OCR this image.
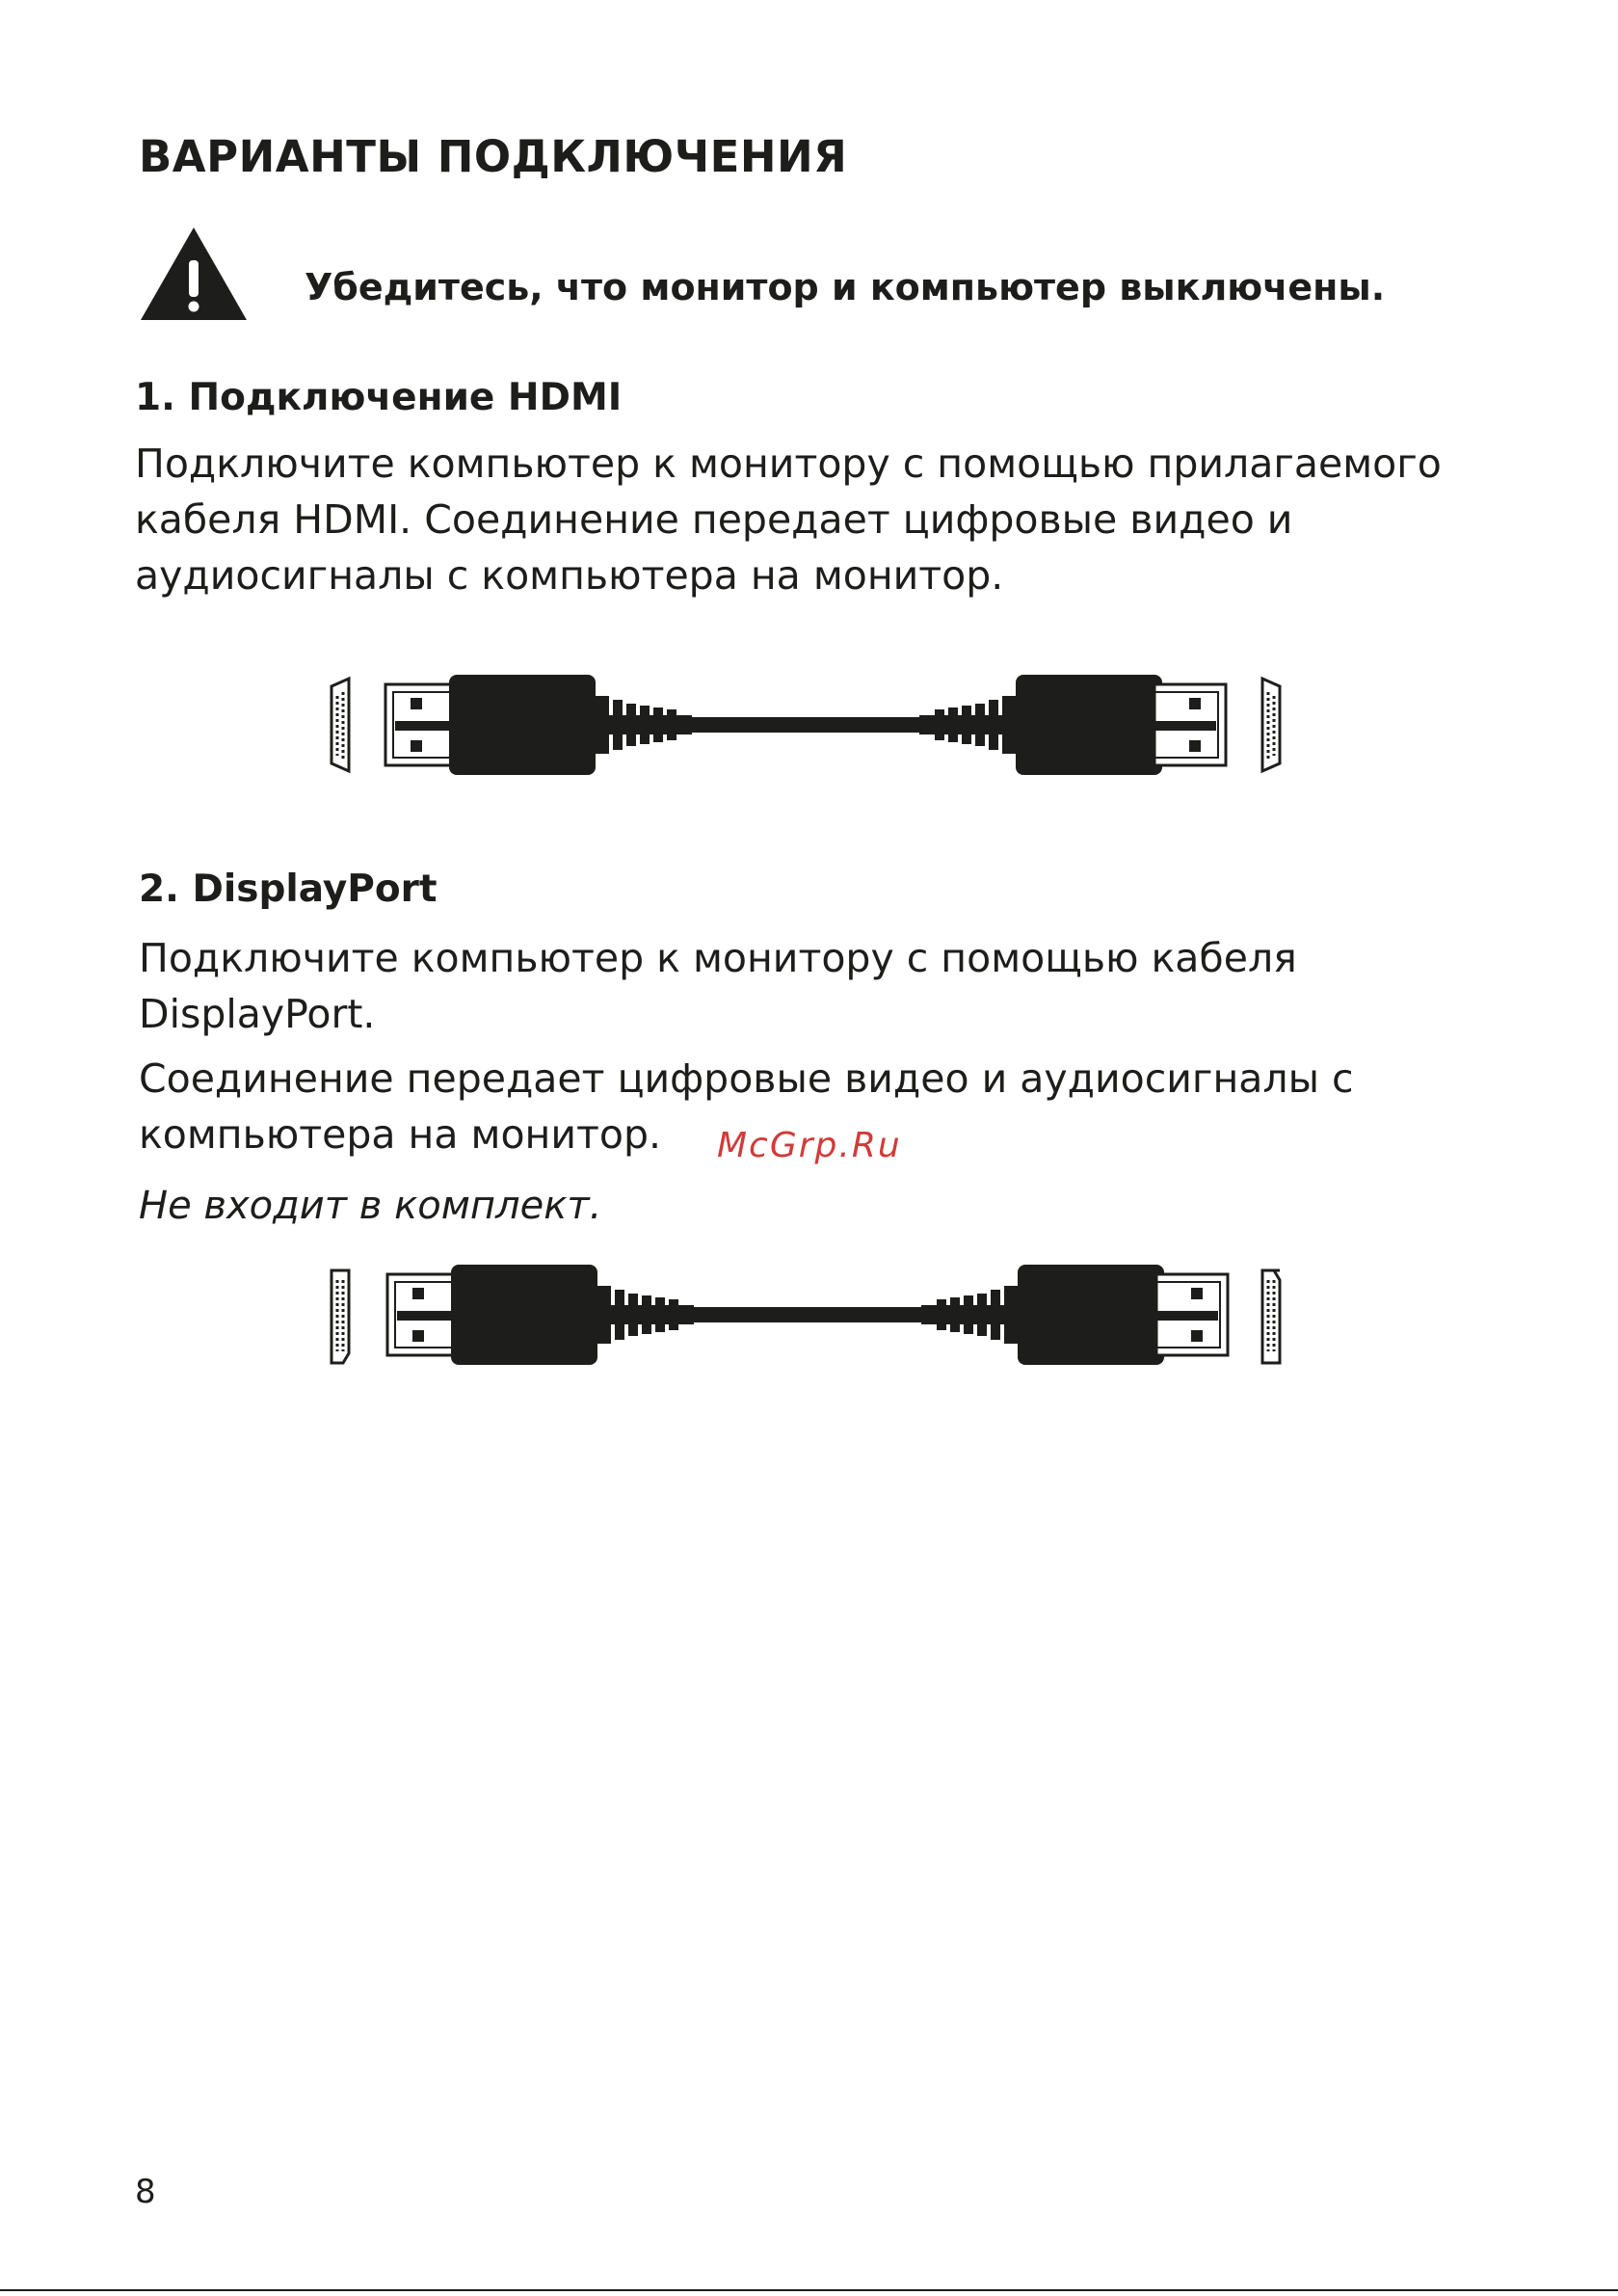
ВАРИАНТЫ ПОДКЛЮЧЕНИЯ
Убедитесь, что монитор и компьютер выключены.
1. Подключение HDMI
Подключите компьютер к монитору с помощью прилагаемого
кабеля HDMI. Соединение передает цифровые видео и
аудиосигналы с компьютера на монитор.
2. DisplayPort
Подключите компьютер к монитору с помощью кабеля
DisplayPort.
Соединение передает цифровые видео и аудиосигналы с
компьютера на монитор. McGrp.Ru
Не входит в комплект.
8
